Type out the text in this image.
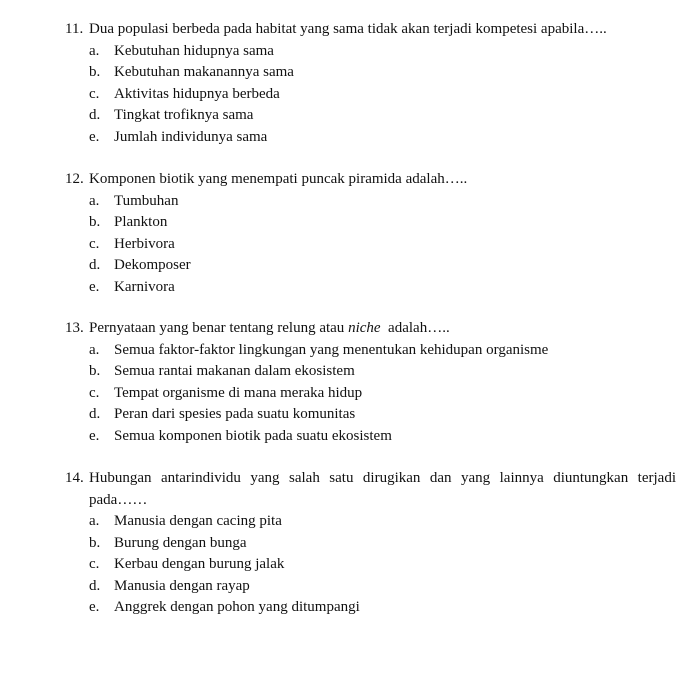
11. Dua populasi berbeda pada habitat yang sama tidak akan terjadi kompetesi apabila…..
a. Kebutuhan hidupnya sama
b. Kebutuhan makanannya sama
c. Aktivitas hidupnya berbeda
d. Tingkat trofiknya sama
e. Jumlah individunya sama
12. Komponen biotik yang menempati puncak piramida adalah…..
a. Tumbuhan
b. Plankton
c. Herbivora
d. Dekomposer
e. Karnivora
13. Pernyataan yang benar tentang relung atau niche  adalah…..
a. Semua faktor-faktor lingkungan yang menentukan kehidupan organisme
b. Semua rantai makanan dalam ekosistem
c. Tempat organisme di mana meraka hidup
d. Peran dari spesies pada suatu komunitas
e. Semua komponen biotik pada suatu ekosistem
14. Hubungan antarindividu yang salah satu dirugikan dan yang lainnya diuntungkan terjadi
pada……
a. Manusia dengan cacing pita
b. Burung dengan bunga
c. Kerbau dengan burung jalak
d. Manusia dengan rayap
e. Anggrek dengan pohon yang ditumpangi
